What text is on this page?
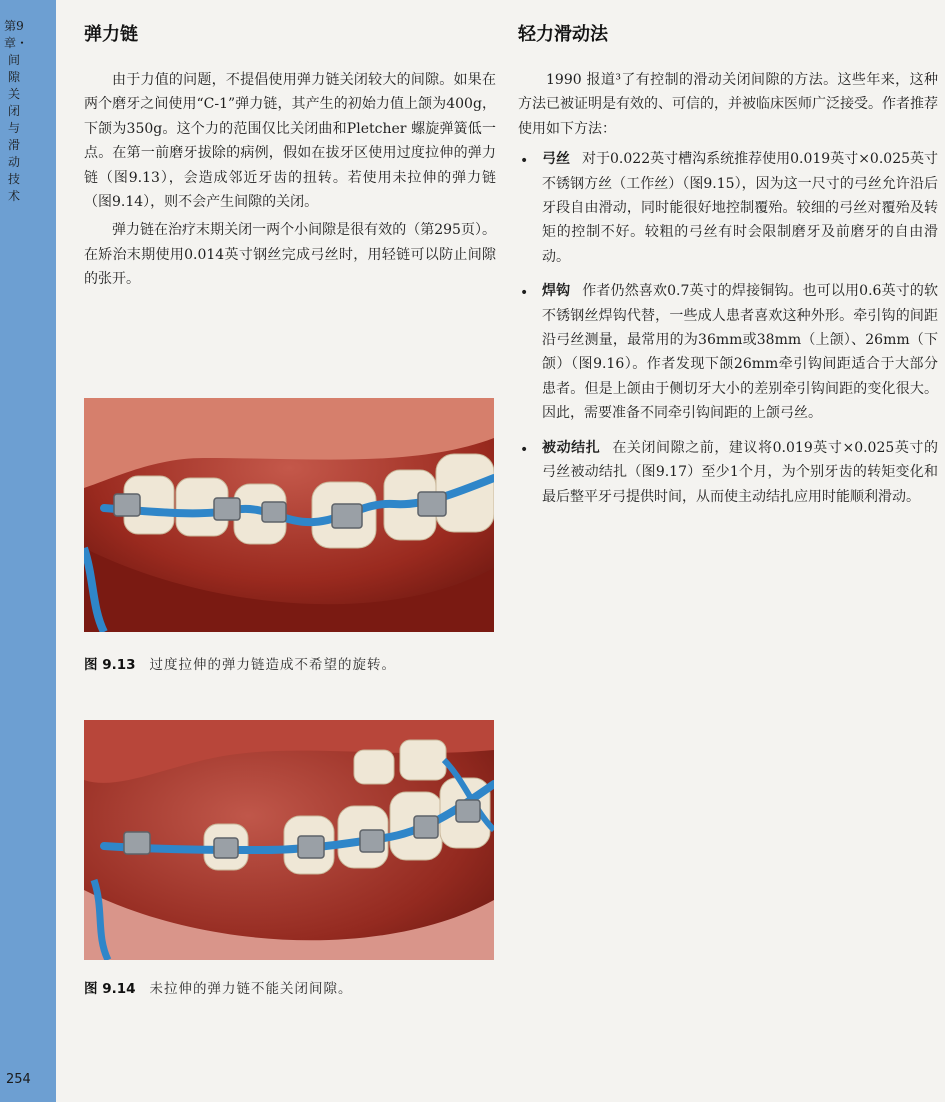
第9章・间隙关闭与滑动技术
254
弹力链

由于力值的问题，不提倡使用弹力链关闭较大的间隙。如果在两个磨牙之间使用“C-1”弹力链，其产生的初始力值上颌为400g，下颌为350g。这个力的范围仅比关闭曲和Pletcher 螺旋弹簧低一点。在第一前磨牙拔除的病例，假如在拔牙区使用过度拉伸的弹力链（图9.13），会造成邻近牙齿的扭转。若使用未拉伸的弹力链（图9.14），则不会产生间隙的关闭。

弹力链在治疗末期关闭一两个小间隙是很有效的（第295页）。在矫治末期使用0.014英寸钢丝完成弓丝时，用轻链可以防止间隙的张开。

图 9.13 过度拉伸的弹力链造成不希望的旋转。
图 9.14 未拉伸的弹力链不能关闭间隙。
轻力滑动法

1990 报道³了有控制的滑动关闭间隙的方法。这些年来，这种方法已被证明是有效的、可信的，并被临床医师广泛接受。作者推荐使用如下方法：

• 弓丝 对于0.022英寸槽沟系统推荐使用0.019英寸×0.025英寸不锈钢方丝（工作丝）（图9.15），因为这一尺寸的弓丝允许沿后牙段自由滑动，同时能很好地控制覆殆。较细的弓丝对覆殆及转矩的控制不好。较粗的弓丝有时会限制磨牙及前磨牙的自由滑动。

• 焊钩 作者仍然喜欢0.7英寸的焊接铜钩。也可以用0.6英寸的软不锈钢丝焊钩代替，一些成人患者喜欢这种外形。牵引钩的间距沿弓丝测量，最常用的为36mm或38mm（上颌）、26mm（下颌）（图9.16）。作者发现下颌26mm牵引钩间距适合于大部分患者。但是上颌由于侧切牙大小的差别牵引钩间距的变化很大。因此，需要准备不同牵引钩间距的上颌弓丝。

• 被动结扎 在关闭间隙之前，建议将0.019英寸×0.025英寸的弓丝被动结扎（图9.17）至少1个月，为个别牙齿的转矩变化和最后整平牙弓提供时间，从而使主动结扎应用时能顺利滑动。
